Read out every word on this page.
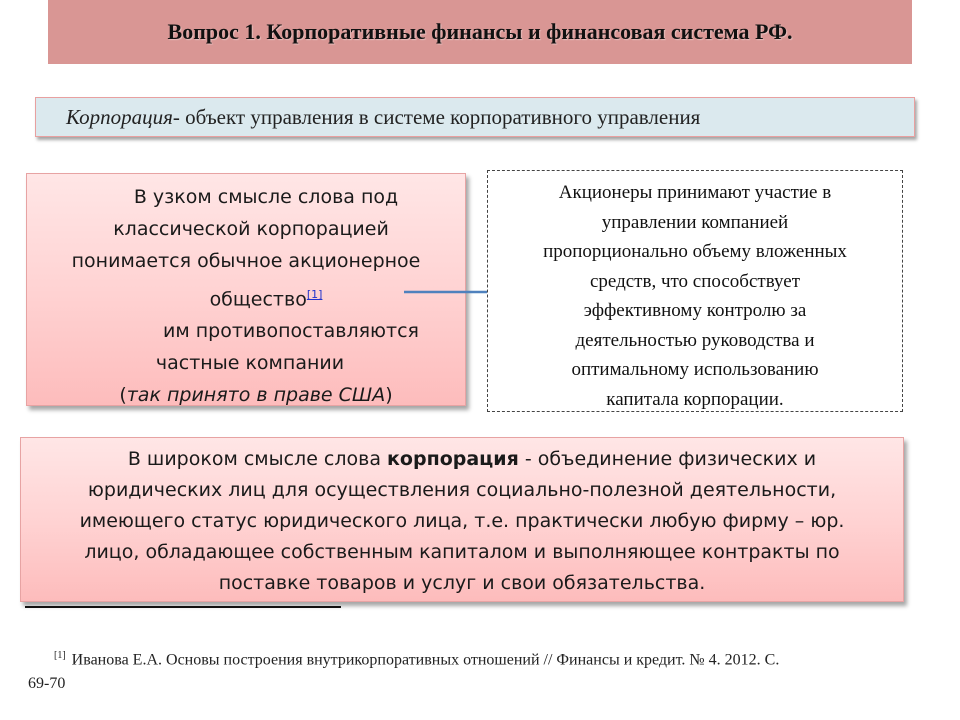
Вопрос 1. Корпоративные финансы и финансовая система РФ.
Корпорация - объект управления в системе корпоративного управления
В узком смысле слова под
классической корпорацией
понимается обычное акционерное
общество[1]
им противопоставляются
частные компании
(так принято в праве США)
Акционеры принимают участие в
управлении компанией
пропорционально объему вложенных
средств, что способствует
эффективному контролю за
деятельностью руководства и
оптимальному использованию
капитала корпорации.
В широком смысле слова корпорация - объединение физических и
юридических лиц для осуществления социально-полезной деятельности,
имеющего статус юридического лица, т.е. практически любую фирму – юр.
лицо, обладающее собственным капиталом и выполняющее контракты по
поставке товаров и услуг и свои обязательства.
[1] Иванова Е.А. Основы построения внутрикорпоративных отношений // Финансы и кредит. № 4. 2012. С.
69-70
